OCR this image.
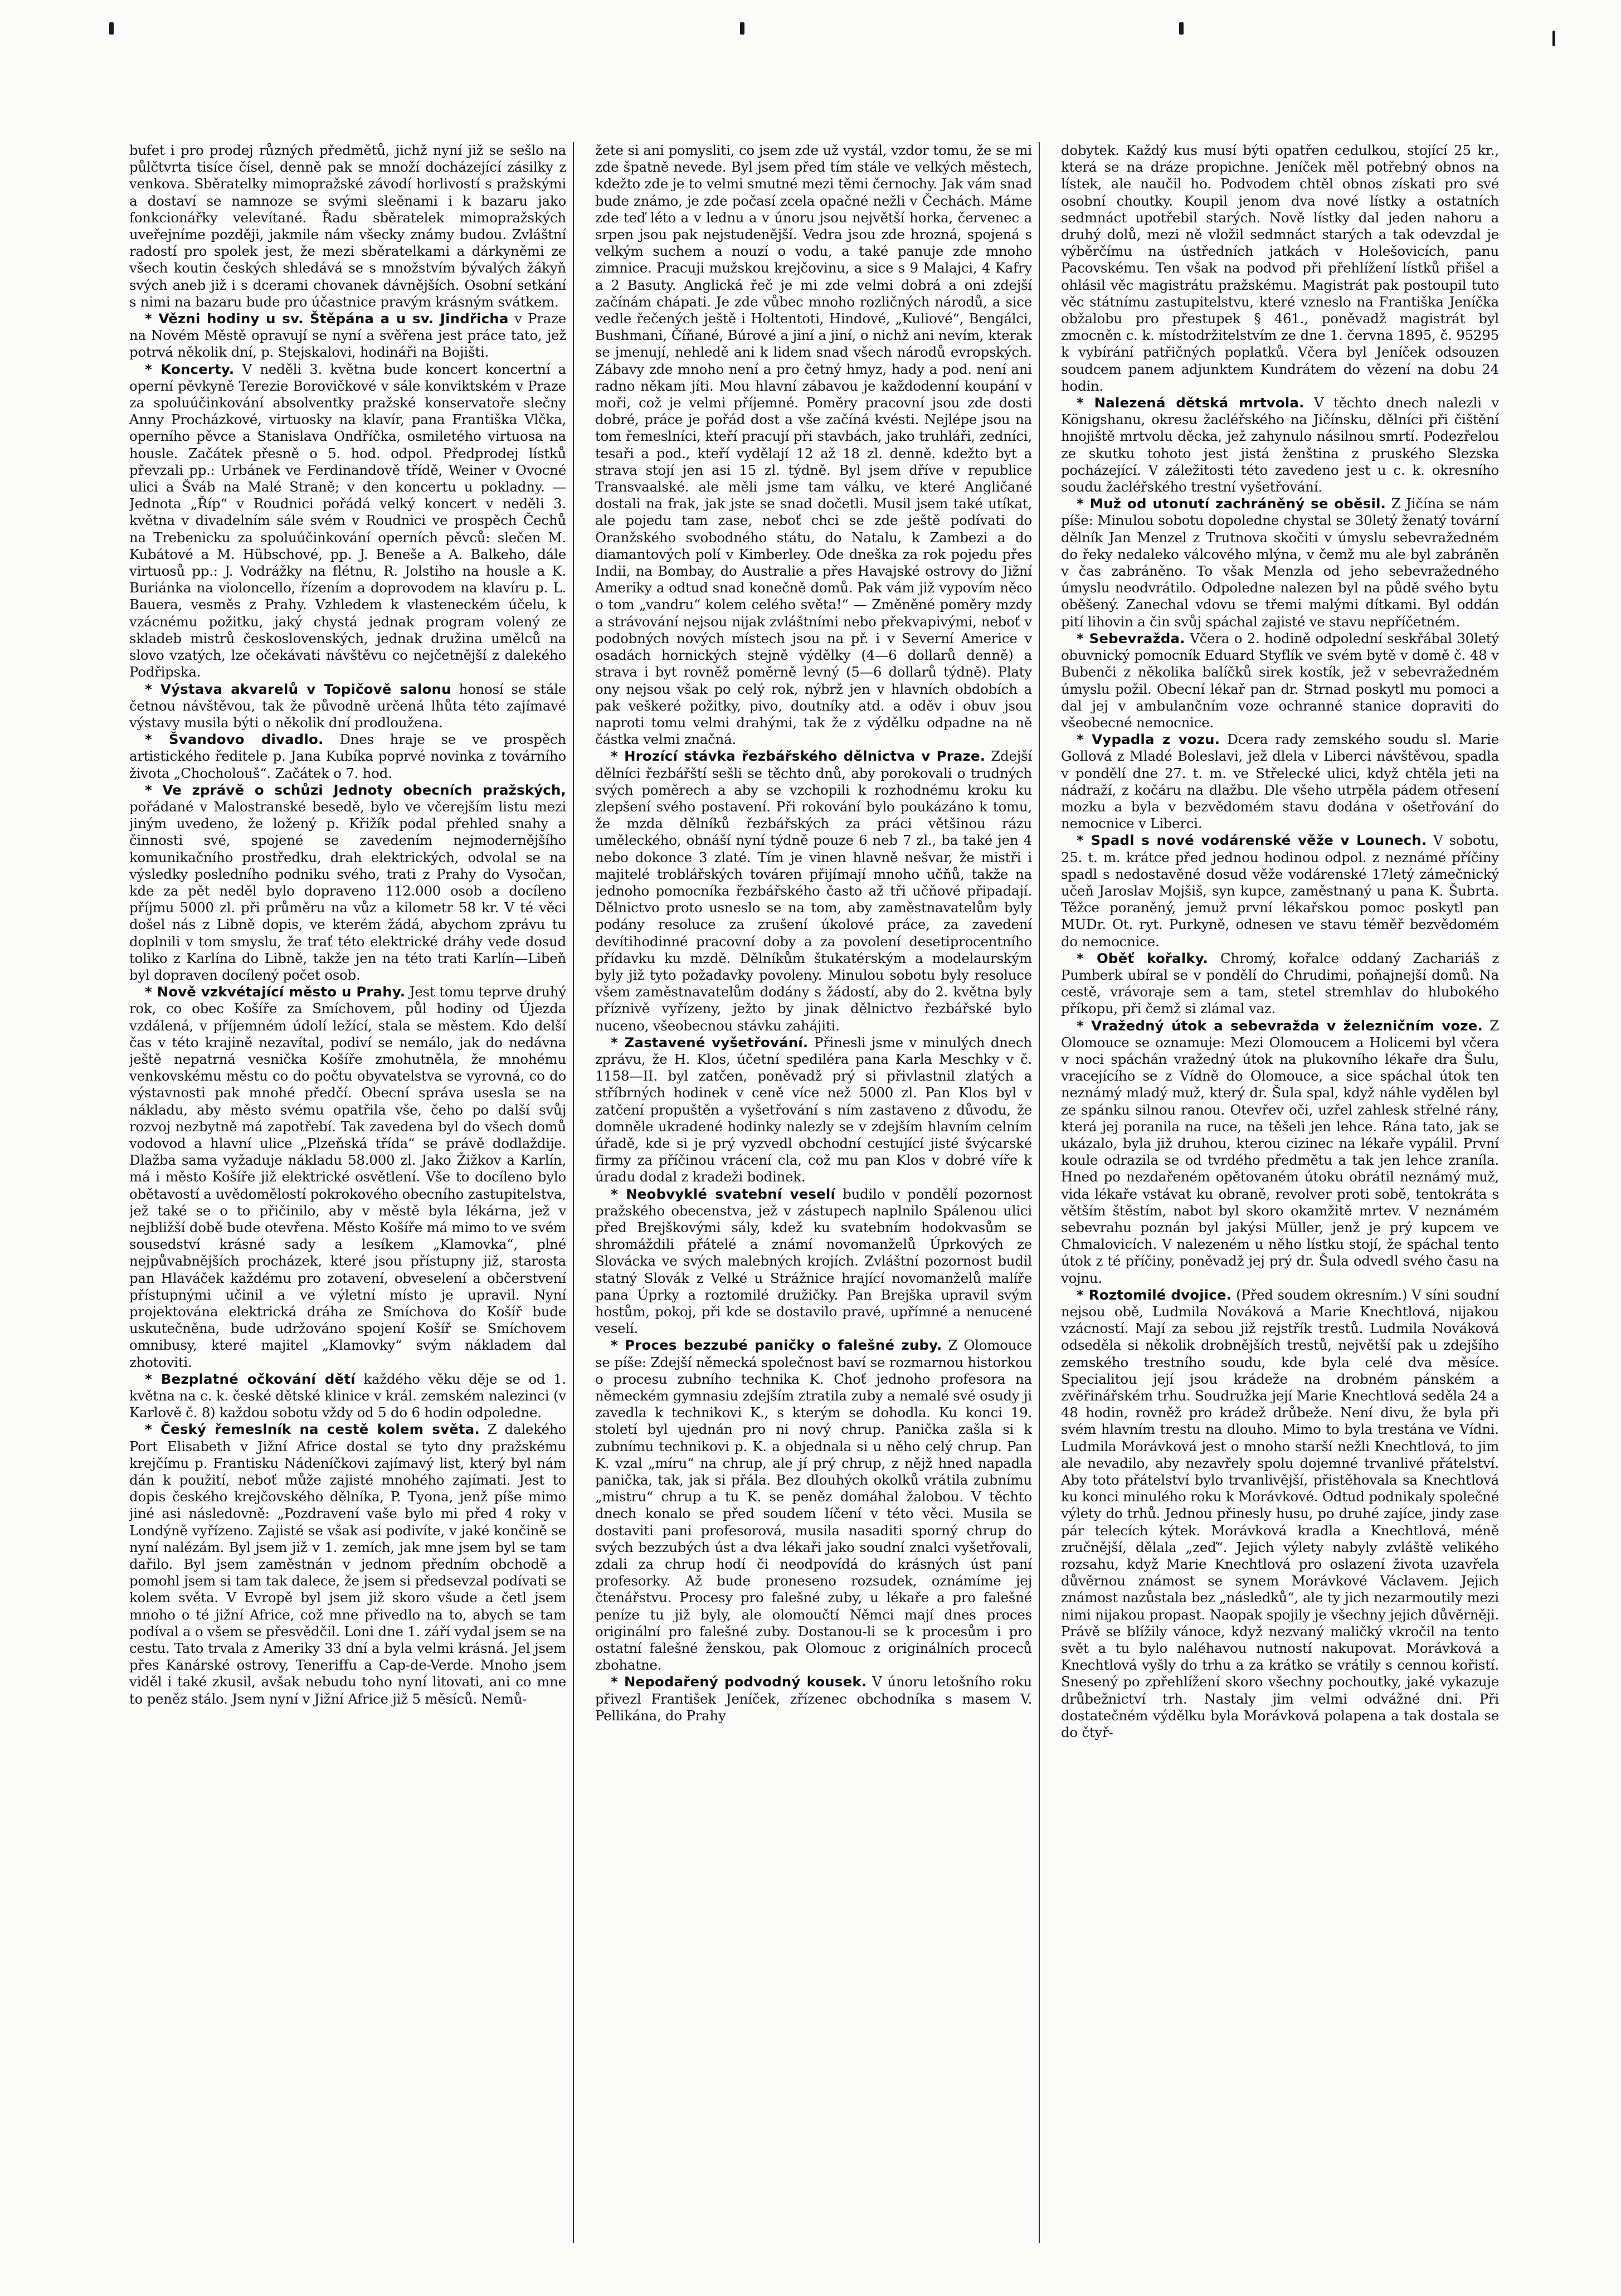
bufet i pro prodej různých předmětů, jichž nyní již se sešlo na půlčtvrta tisíce čísel, denně pak se množí docházející zásilky z venkova. Sběratelky mimopražské závodí horlivostí s pražskými a dostaví se namnoze se svými sleěnami i k bazaru jako fonkcionářky velevítané. Řadu sběratelek mimopražských uveřejníme později, jakmile nám všecky známy budou. Zvláštní radostí pro spolek jest, že mezi sběratelkami a dárkyněmi ze všech koutin českých shledává se s množstvím bývalých žákyň svých aneb již i s dcerami chovanek dávnějších. Osobní setkání s nimi na bazaru bude pro účastnice pravým krásným svátkem.

* Vězni hodiny u sv. Štěpána a u sv. Jindřicha v Praze na Novém Městě opravují se nyní a svěřena jest práce tato, jež potrvá několik dní, p. Stejskalovi, hodináři na Bojišti.

* Koncerty. V neděli 3. května bude koncert koncertní a operní pěvkyně Terezie Borovičkové v sále konviktském v Praze za spoluúčinkování absolventky pražské konservatoře slečny Anny Procházkové, virtuosky na klavír, pana Františka Vlčka, operního pěvce a Stanislava Ondříčka, osmiletého virtuosa na housle. Začátek přesně o 5. hod. odpol. Předprodej lístků převzali pp.: Urbánek ve Ferdinandově třídě, Weiner v Ovocné ulici a Šváb na Malé Straně; v den koncertu u pokladny. — Jednota „Říp“ v Roudnici pořádá velký koncert v neděli 3. května v divadelním sále svém v Roudnici ve prospěch Čechů na Trebenicku za spoluúčinkování operních pěvců: slečen M. Kubátové a M. Hübschové, pp. J. Beneše a A. Balkeho, dále virtuosů pp.: J. Vodrážky na flétnu, R. Jolstiho na housle a K. Buriánka na violoncello, řízením a doprovodem na klavíru p. L. Bauera, vesměs z Prahy. Vzhledem k vlasteneckém účelu, k vzácnému požitku, jaký chystá jednak program volený ze skladeb mistrů československých, jednak družina umělců na slovo vzatých, lze očekávati návštěvu co nejčetnější z dalekého Podřipska.

* Výstava akvarelů v Topičově salonu honosí se stále četnou návštěvou, tak že původně určená lhůta této zajímavé výstavy musila býti o několik dní prodloužena.

* Švandovo divadlo. Dnes hraje se ve prospěch artistického ředitele p. Jana Kubíka poprvé novinka z továrního života „Chocholouš“. Začátek o 7. hod.

* Ve zprávě o schůzi Jednoty obecních pražských, pořádané v Malostranské besedě, bylo ve včerejším listu mezi jiným uvedeno, že ložený p. Křižík podal přehled snahy a činnosti své, spojené se zavedením nejmodernějšího komunikačního prostředku, drah elektrických, odvolal se na výsledky posledního podniku svého, trati z Prahy do Vysočan, kde za pět neděl bylo dopraveno 112.000 osob a docíleno příjmu 5000 zl. při průměru na vůz a kilometr 58 kr. V té věci došel nás z Libně dopis, ve kterém žádá, abychom zprávu tu doplnili v tom smyslu, že trať této elektrické dráhy vede dosud toliko z Karlína do Libně, takže jen na této trati Karlín—Libeň byl dopraven docílený počet osob.

* Nově vzkvétající město u Prahy. Jest tomu teprve druhý rok, co obec Košíře za Smíchovem, půl hodiny od Újezda vzdálená, v příjemném údolí ležící, stala se městem. Kdo delší čas v této krajině nezavítal, podiví se nemálo, jak do nedávna ještě nepatrná vesnička Košíře zmohutněla, že mnohému venkovskému městu co do počtu obyvatelstva se vyrovná, co do výstavnosti pak mnohé předčí. Obecní správa usesla se na nákladu, aby město svému opatřila vše, čeho po další svůj rozvoj nezbytně má zapotřebí. Tak zavedena byl do všech domů vodovod a hlavní ulice „Plzeňská třída“ se právě dodlaždije. Dlažba sama vyžaduje nákladu 58.000 zl. Jako Žižkov a Karlín, má i město Košíře již elektrické osvětlení. Vše to docíleno bylo obětavostí a uvědomělostí pokrokového obecního zastupitelstva, jež také se o to přičinilo, aby v městě byla lékárna, jež v nejbližší době bude otevřena. Město Košíře má mimo to ve svém sousedství krásné sady a lesíkem „Klamovka“, plné nejpůvabnějších procházek, které jsou přístupny již, starosta pan Hlaváček každému pro zotavení, obveselení a občerstvení přístupnými učinil a ve výletní místo je upravil. Nyní projektována elektrická dráha ze Smíchova do Košíř bude uskutečněna, bude udržováno spojení Košíř se Smíchovem omnibusy, které majitel „Klamovky“ svým nákladem dal zhotoviti.

* Bezplatné očkování dětí každého věku děje se od 1. května na c. k. české dětské klinice v král. zemském nalezinci (v Karlově č. 8) každou sobotu vždy od 5 do 6 hodin odpoledne.

* Český řemeslník na cestě kolem světa. Z dalekého Port Elisabeth v Jižní Africe dostal se tyto dny pražskému krejčímu p. Frantisku Nádeníčkovi zajímavý list, který byl nám dán k použití, neboť může zajisté mnohého zajímati. Jest to dopis českého krejčovského dělníka, P. Tyona, jenž píše mimo jiné asi následovně: „Pozdravení vaše bylo mi před 4 roky v Londýně vyřízeno. Zajisté se však asi podivíte, v jaké končině se nyní nalézám. Byl jsem již v 1. zemích, jak mne jsem byl se tam dařilo. Byl jsem zaměstnán v jednom předním obchodě a pomohl jsem si tam tak dalece, že jsem si předsevzal podívati se kolem světa. V Evropě byl jsem již skoro všude a četl jsem mnoho o té jižní Africe, což mne přivedlo na to, abych se tam podíval a o všem se přesvědčil. Loni dne 1. září vydal jsem se na cestu. Tato trvala z Ameriky 33 dní a byla velmi krásná. Jel jsem přes Kanárské ostrovy, Teneriffu a Cap-de-Verde. Mnoho jsem viděl i také zkusil, avšak nebudu toho nyní litovati, ani co mne to peněz stálo. Jsem nyní v Jižní Africe již 5 měsíců. Nemů-

žete si ani pomysliti, co jsem zde už vystál, vzdor tomu, že se mi zde špatně nevede. Byl jsem před tím stále ve velkých městech, kdežto zde je to velmi smutné mezi těmi černochy. Jak vám snad bude známo, je zde počasí zcela opačné nežli v Čechách. Máme zde teď léto a v lednu a v únoru jsou největší horka, červenec a srpen jsou pak nejstudenější. Vedra jsou zde hrozná, spojená s velkým suchem a nouzí o vodu, a také panuje zde mnoho zimnice. Pracuji mužskou krejčovinu, a sice s 9 Malajci, 4 Kafry a 2 Basuty. Anglická řeč je mi zde velmi dobrá a oni zdejší začínám chápati. Je zde vůbec mnoho rozličných národů, a sice vedle řečených ještě i Holtentoti, Hindové, „Kuliové“, Bengálci, Bushmani, Číňané, Búrové a jiní a jiní, o nichž ani nevím, kterak se jmenují, nehledě ani k lidem snad všech národů evropských. Zábavy zde mnoho není a pro četný hmyz, hady a pod. není ani radno někam jíti. Mou hlavní zábavou je každodenní koupání v moři, což je velmi příjemné. Poměry pracovní jsou zde dosti dobré, práce je pořád dost a vše začíná kvésti. Nejlépe jsou na tom řemeslníci, kteří pracují při stavbách, jako truhláři, zedníci, tesaři a pod., kteří vydělají 12 až 18 zl. denně. kdežto byt a strava stojí jen asi 15 zl. týdně. Byl jsem dříve v republice Transvaalské. ale měli jsme tam válku, ve které Angličané dostali na frak, jak jste se snad dočetli. Musil jsem také utíkat, ale pojedu tam zase, neboť chci se zde ještě podívati do Oranžského svobodného státu, do Natalu, k Zambezi a do diamantových polí v Kimberley. Ode dneška za rok pojedu přes Indii, na Bombay, do Australie a přes Havajské ostrovy do Jižní Ameriky a odtud snad konečně domů. Pak vám již vypovím něco o tom „vandru“ kolem celého světa!“ — Změněné poměry mzdy a strávování nejsou nijak zvláštními nebo překvapivými, neboť v podobných nových místech jsou na př. i v Severní Americe v osadách hornických stejně výdělky (4—6 dollarů denně) a strava i byt rovněž poměrně levný (5—6 dollarů týdně). Platy ony nejsou však po celý rok, nýbrž jen v hlavních obdobích a pak veškeré požitky, pivo, doutníky atd. a oděv i obuv jsou naproti tomu velmi drahými, tak že z výdělku odpadne na ně částka velmi značná.

* Hrozící stávka řezbářského dělnictva v Praze. Zdejší dělníci řezbářští sešli se těchto dnů, aby porokovali o trudných svých poměrech a aby se vzchopili k rozhodnému kroku ku zlepšení svého postavení. Při rokování bylo poukázáno k tomu, že mzda dělníků řezbářských za práci většinou rázu uměleckého, obnáší nyní týdně pouze 6 neb 7 zl., ba také jen 4 nebo dokonce 3 zlaté. Tím je vinen hlavně nešvar, že mistři i majitelé troblářských továren přijímají mnoho učňů, takže na jednoho pomocníka řezbářského často až tři učňové připadají. Dělnictvo proto usneslo se na tom, aby zaměstnavatelům byly podány resoluce za zrušení úkolové práce, za zavedení devítihodinné pracovní doby a za povolení desetiprocentního přídavku ku mzdě. Dělníkům štukatérským a modelaurským byly již tyto požadavky povoleny. Minulou sobotu byly resoluce všem zaměstnavatelům dodány s žádostí, aby do 2. května byly příznivě vyřízeny, ježto by jinak dělnictvo řezbářské bylo nuceno, všeobecnou stávku zahájiti.

* Zastavené vyšetřování. Přinesli jsme v minulých dnech zprávu, že H. Klos, účetní spediléra pana Karla Meschky v č. 1158—II. byl zatčen, poněvadž prý si přivlastnil zlatých a stříbrných hodinek v ceně více než 5000 zl. Pan Klos byl v zatčení propuštěn a vyšetřování s ním zastaveno z důvodu, že domněle ukradené hodinky nalezly se v zdejším hlavním celním úřadě, kde si je prý vyzvedl obchodní cestující jisté švýcarské firmy za příčinou vrácení cla, což mu pan Klos v dobré víře k úradu dodal z kradeži bodinek.

* Neobvyklé svatební veselí budilo v pondělí pozornost pražského obecenstva, jež v zástupech naplnilo Spálenou ulici před Brejškovými sály, kdež ku svatebním hodokvasům se shromáždili přátelé a známí novomanželů Úprkových ze Slovácka ve svých malebných krojích. Zvláštní pozornost budil statný Slovák z Velké u Strážnice hrající novomanželů malíře pana Úprky a roztomilé družičky. Pan Brejška upravil svým hostům, pokoj, při kde se dostavilo pravé, upřímné a nenucené veselí.

* Proces bezzubé paničky o falešné zuby. Z Olomouce se píše: Zdejší německá společnost baví se rozmarnou historkou o procesu zubního technika K. Choť jednoho profesora na německém gymnasiu zdejším ztratila zuby a nemalé své osudy ji zavedla k technikovi K., s kterým se dohodla. Ku konci 19. století byl ujednán pro ni nový chrup. Panička zašla si k zubnímu technikovi p. K. a objednala si u něho celý chrup. Pan K. vzal „míru“ na chrup, ale jí prý chrup, z nějž hned napadla panička, tak, jak si přála. Bez dlouhých okolků vrátila zubnímu „mistru“ chrup a tu K. se peněz domáhal žalobou. V těchto dnech konalo se před soudem líčení v této věci. Musila se dostaviti pani profesorová, musila nasaditi sporný chrup do svých bezzubých úst a dva lékaři jako soudní znalci vyšetřovali, zdali za chrup hodí či neodpovídá do krásných úst paní profesorky. Až bude proneseno rozsudek, oznámíme jej čtenářstvu. Procesy pro falešné zuby, u lékaře a pro falešné peníze tu již byly, ale olomoučtí Němci mají dnes proces originální pro falešné zuby. Dostanou-li se k procesům i pro ostatní falešné ženskou, pak Olomouc z originálních proceců zbohatne.

* Nepodařený podvodný kousek. V únoru letošního roku přivezl František Jeníček, zřízenec obchodníka s masem V. Pellikána, do Prahy

dobytek. Každý kus musí býti opatřen cedulkou, stojící 25 kr., která se na dráze propichne. Jeníček měl potřebný obnos na lístek, ale naučil ho. Podvodem chtěl obnos získati pro své osobní choutky. Koupil jenom dva nové lístky a ostatních sedmnáct upotřebil starých. Nově lístky dal jeden nahoru a druhý dolů, mezi ně vložil sedmnáct starých a tak odevzdal je výběrčímu na ústředních jatkách v Holešovicích, panu Pacovskému. Ten však na podvod při přehlížení lístků přišel a ohlásil věc magistrátu pražskému. Magistrát pak postoupil tuto věc státnímu zastupitelstvu, které vzneslo na Františka Jeníčka obžalobu pro přestupek § 461., poněvadž magistrát byl zmocněn c. k. místodržitelstvím ze dne 1. června 1895, č. 95295 k vybírání patřičných poplatků. Včera byl Jeníček odsouzen soudcem panem adjunktem Kundrátem do vězení na dobu 24 hodin.

* Nalezená dětská mrtvola. V těchto dnech nalezli v Königshanu, okresu žacléřského na Jičínsku, dělníci při čištění hnojiště mrtvolu děcka, jež zahynulo násilnou smrtí. Podezřelou ze skutku tohoto jest jistá ženština z pruského Slezska pocházející. V záležitosti této zavedeno jest u c. k. okresního soudu žacléřského trestní vyšetřování.

* Muž od utonutí zachráněný se oběsil. Z Jičína se nám píše: Minulou sobotu dopoledne chystal se 30letý ženatý tovární dělník Jan Menzel z Trutnova skočiti v úmyslu sebevražedném do řeky nedaleko válcového mlýna, v čemž mu ale byl zabráněn v čas zabráněno. To však Menzla od jeho sebevražedného úmyslu neodvrátilo. Odpoledne nalezen byl na půdě svého bytu oběšený. Zanechal vdovu se třemi malými dítkami. Byl oddán pití lihovin a čin svůj spáchal zajisté ve stavu nepříčetném.

* Sebevražda. Včera o 2. hodině odpolední seskřábal 30letý obuvnický pomocník Eduard Styflík ve svém bytě v domě č. 48 v Bubenči z několika balíčků sirek kostík, jež v sebevražedném úmyslu požil. Obecní lékař pan dr. Strnad poskytl mu pomoci a dal jej v ambulančním voze ochranné stanice dopraviti do všeobecné nemocnice.

* Vypadla z vozu. Dcera rady zemského soudu sl. Marie Gollová z Mladé Boleslavi, jež dlela v Liberci návštěvou, spadla v pondělí dne 27. t. m. ve Střelecké ulici, když chtěla jeti na nádraží, z kočáru na dlažbu. Dle všeho utrpěla pádem otřesení mozku a byla v bezvědomém stavu dodána v ošetřování do nemocnice v Liberci.

* Spadl s nové vodárenské věže v Lounech. V sobotu, 25. t. m. krátce před jednou hodinou odpol. z neznámé příčiny spadl s nedostavěné dosud věže vodárenské 17letý zámečnický učeň Jaroslav Mojšiš, syn kupce, zaměstnaný u pana K. Šubrta. Těžce poraněný, jemuž první lékařskou pomoc poskytl pan MUDr. Ot. ryt. Purkyně, odnesen ve stavu téměř bezvědomém do nemocnice.

* Oběť kořalky. Chromý, kořalce oddaný Zachariáš z Pumberk ubíral se v pondělí do Chrudimi, poňajnejší domů. Na cestě, vrávoraje sem a tam, stetel stremhlav do hlubokého příkopu, při čemž si zlámal vaz.

* Vražedný útok a sebevražda v železničním voze. Z Olomouce se oznamuje: Mezi Olomoucem a Holicemi byl včera v noci spáchán vražedný útok na plukovního lékaře dra Šulu, vracejícího se z Vídně do Olomouce, a sice spáchal útok ten neznámý mladý muž, který dr. Šula spal, když náhle vydělen byl ze spánku silnou ranou. Otevřev oči, uzřel zahlesk střelné rány, která jej poranila na ruce, na těšeli jen lehce. Rána tato, jak se ukázalo, byla již druhou, kterou cizinec na lékaře vypálil. První koule odrazila se od tvrdého předmětu a tak jen lehce zraníla. Hned po nezdařeném opětovaném útoku obrátil neznámý muž, vida lékaře vstávat ku obraně, revolver proti sobě, tentokráta s větším štěstím, nabot byl skoro okamžitě mrtev. V neznámém sebevrahu poznán byl jakýsi Müller, jenž je prý kupcem ve Chmalovicích. V nalezeném u něho lístku stojí, že spáchal tento útok z té příčiny, poněvadž jej prý dr. Šula odvedl svého času na vojnu.

* Roztomilé dvojice. (Před soudem okresním.) V síni soudní nejsou obě, Ludmila Nováková a Marie Knechtlová, nijakou vzácností. Mají za sebou již rejstřík trestů. Ludmila Nováková odseděla si několik drobnějších trestů, největší pak u zdejšího zemského trestního soudu, kde byla celé dva měsíce. Specialitou její jsou krádeže na drobném pánském a zvěřinářském trhu. Soudružka její Marie Knechtlová seděla 24 a 48 hodin, rovněž pro krádež drůbeže. Není divu, že byla při svém hlavním trestu na dlouho. Mimo to byla trestána ve Vídni. Ludmila Morávková jest o mnoho starší nežli Knechtlová, to jim ale nevadilo, aby nezavřely spolu dojemné trvanlivé přátelství. Aby toto přátelství bylo trvanlivější, přistěhovala sa Knechtlová ku konci minulého roku k Morávkové. Odtud podnikaly společné výlety do trhů. Jednou přinesly husu, po druhé zajíce, jindy zase pár telecích kýtek. Morávková kradla a Knechtlová, méně zručnější, dělala „zeď“. Jejich výlety nabyly zvláště velikého rozsahu, když Marie Knechtlová pro oslazení života uzavřela důvěrnou známost se synem Morávkové Václavem. Jejich známost nazůstala bez „následků“, ale ty jich nezarmoutily mezi nimi nijakou propast. Naopak spojily je všechny jejich důvěrněji. Právě se blížily vánoce, když nezvaný maličký vkročil na tento svět a tu bylo naléhavou nutností nakupovat. Morávková a Knechtlová vyšly do trhu a za krátko se vrátily s cennou kořistí. Snesený po zpřehlížení skoro všechny pochoutky, jaké vykazuje drůbežnictví trh. Nastaly jim velmi odvážné dni. Při dostatečném výdělku byla Morávková polapena a tak dostala se do čtyř-
